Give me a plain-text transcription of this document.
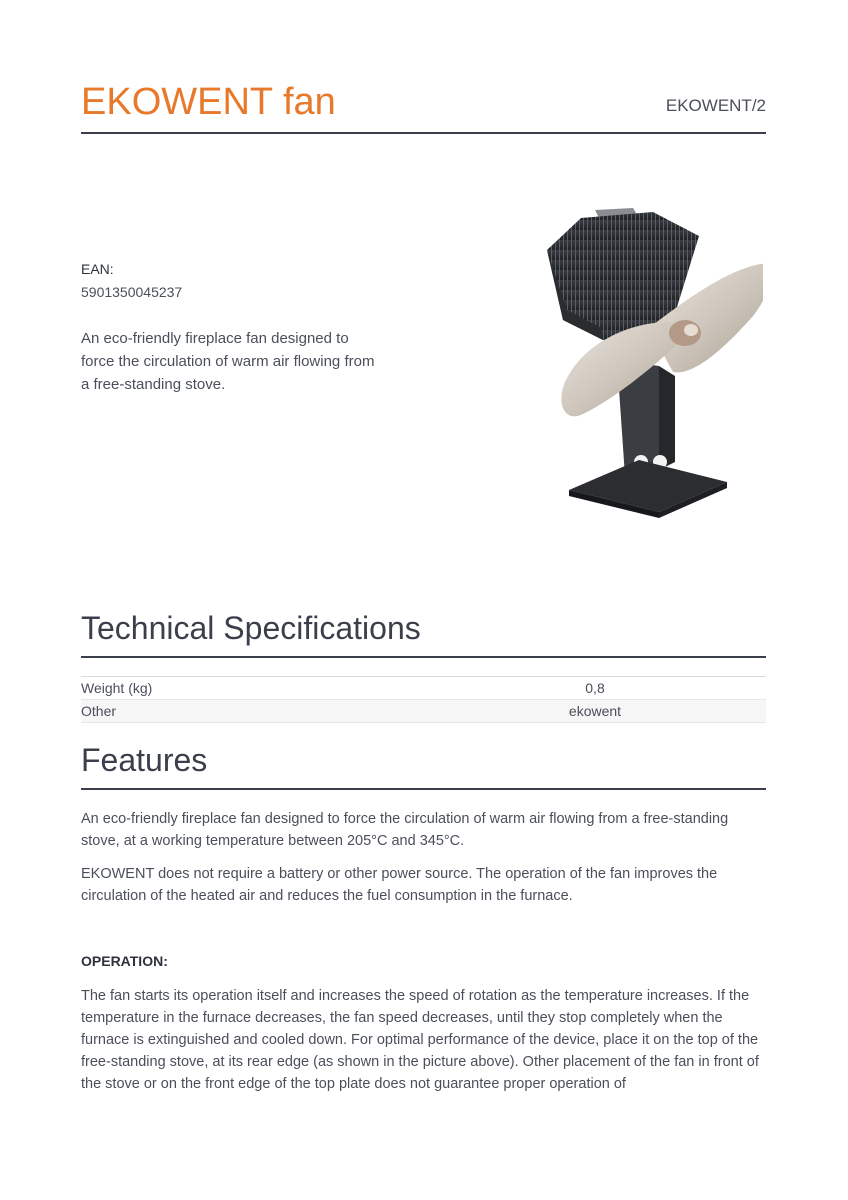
EKOWENT fan	EKOWENT/2
EAN:
5901350045237
An eco-friendly fireplace fan designed to force the circulation of warm air flowing from a free-standing stove.
Technical Specifications
Weight (kg)	0,8
Other	ekowent
Features
An eco-friendly fireplace fan designed to force the circulation of warm air flowing from a free-standing stove, at a working temperature between 205°C and 345°C.
EKOWENT does not require a battery or other power source. The operation of the fan improves the circulation of the heated air and reduces the fuel consumption in the furnace.
OPERATION:
The fan starts its operation itself and increases the speed of rotation as the temperature increases. If the temperature in the furnace decreases, the fan speed decreases, until they stop completely when the furnace is extinguished and cooled down. For optimal performance of the device, place it on the top of the free-standing stove, at its rear edge (as shown in the picture above). Other placement of the fan in front of the stove or on the front edge of the top plate does not guarantee proper operation of
